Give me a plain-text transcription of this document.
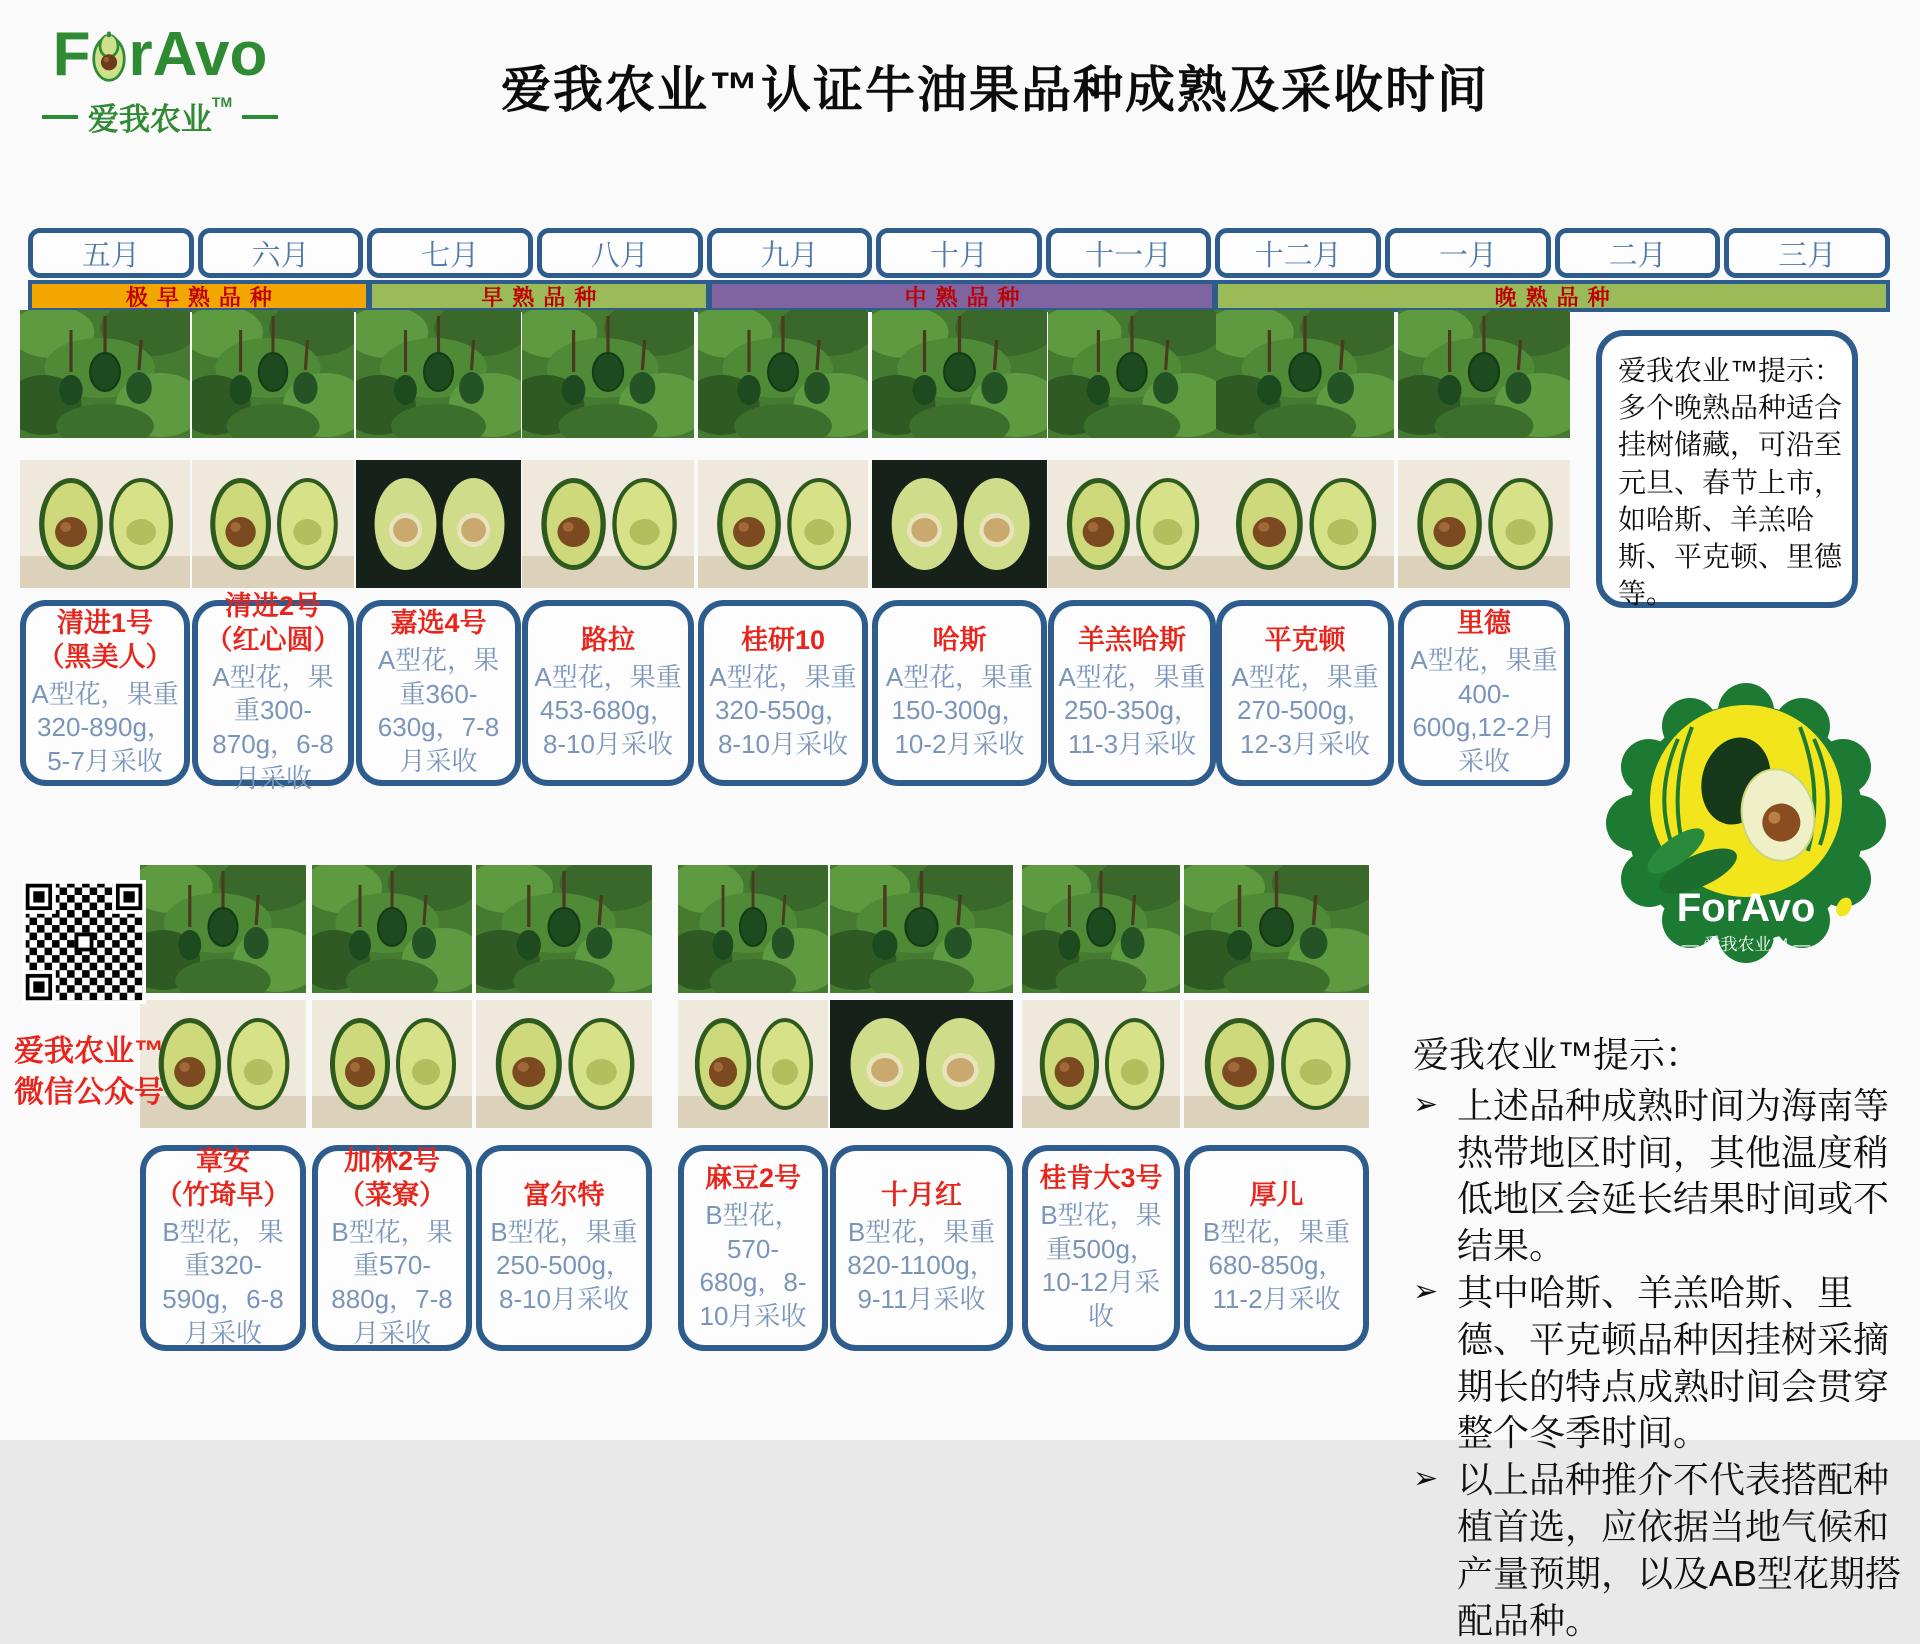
F rAvo
爱我农业™	爱我农业™认证牛油果品种成熟及采收时间
五月	六月	七月	八月	九月	十月	十一月	十二月	一月	二月	三月
极早熟品种	早熟品种	中熟品种	晚熟品种
清进1号
（黑美人）
A型花，果重320-890g，5-7月采收
清进2号
（红心圆）
A型花，果重300-870g，6-8月采收
嘉选4号
A型花，果重360-630g，7-8月采收
路拉
A型花，果重453-680g，8-10月采收
桂研10
A型花，果重320-550g，8-10月采收
哈斯
A型花，果重150-300g，10-2月采收
羊羔哈斯
A型花，果重250-350g，11-3月采收
平克顿
A型花，果重270-500g，12-3月采收
里德
A型花，果重400-600g,12-2月采收
爱我农业™提示：多个晚熟品种适合挂树储藏，可沿至元旦、春节上市，如哈斯、羊羔哈斯、平克顿、里德等。
章安
（竹琦早）
B型花，果重320-590g，6-8月采收
加林2号
（菜寮）
B型花，果重570-880g，7-8月采收
富尔特
B型花，果重250-500g，8-10月采收
麻豆2号
B型花，570-680g，8-10月采收
十月红
B型花，果重820-1100g，9-11月采收
桂肯大3号
B型花，果重500g，10-12月采收
厚儿
B型花，果重680-850g，11-2月采收
爱我农业™
微信公众号
ForAvo
— 爱我农业™ —
爱我农业™提示：
➢ 上述品种成熟时间为海南等热带地区时间，其他温度稍低地区会延长结果时间或不结果。
➢ 其中哈斯、羊羔哈斯、里德、平克顿品种因挂树采摘期长的特点成熟时间会贯穿整个冬季时间。
➢ 以上品种推介不代表搭配种植首选，应依据当地气候和产量预期，以及AB型花期搭配品种。
